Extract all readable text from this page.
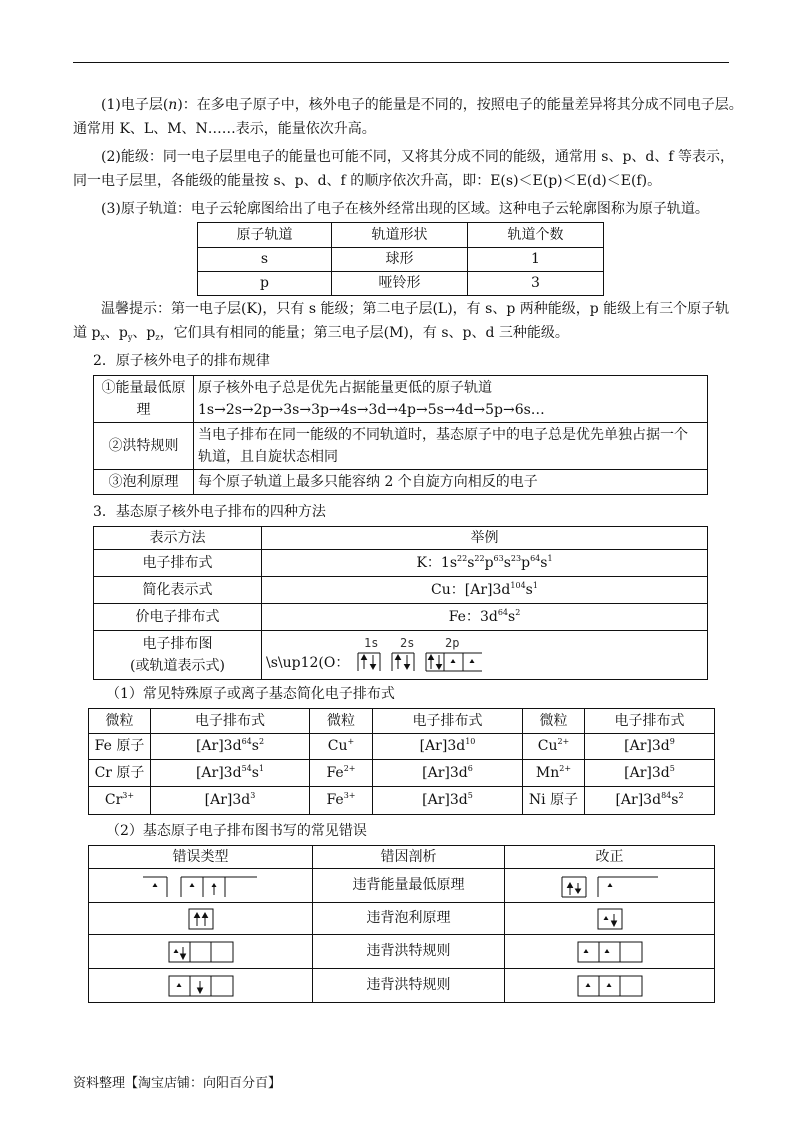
(1)电子层(n)：在多电子原子中，核外电子的能量是不同的，按照电子的能量差异将其分成不同电子层。
通常用 K、L、M、N……表示，能量依次升高。
(2)能级：同一电子层里电子的能量也可能不同，又将其分成不同的能级，通常用 s、p、d、f 等表示，
同一电子层里，各能级的能量按 s、p、d、f 的顺序依次升高，即：E(s)＜E(p)＜E(d)＜E(f)。
(3)原子轨道：电子云轮廓图给出了电子在核外经常出现的区域。这种电子云轮廓图称为原子轨道。
原子轨道	轨道形状	轨道个数
s	球形	1
p	哑铃形	3
温馨提示：第一电子层(K)，只有 s 能级；第二电子层(L)，有 s、p 两种能级，p 能级上有三个原子轨
道 $p_x$、$p_y$、$p_z$，它们具有相同的能量；第三电子层(M)，有 s、p、d 三种能级。
2．原子核外电子的排布规律
①能量最低原
理	原子核外电子总是优先占据能量更低的原子轨道
1s→2s→2p→3s→3p→4s→3d→4p→5s→4d→5p→6s…
②洪特规则	当电子排布在同一能级的不同轨道时，基态原子中的电子总是优先单独占据一个
轨道，且自旋状态相同
③泡利原理	每个原子轨道上最多只能容纳 2 个自旋方向相反的电子
3．基态原子核外电子排布的四种方法
表示方法	举例
电子排布式	K：$1s^{22}s^{22}p^{63}s^{23}p^{64}s^1$
简化表示式	Cu：$[Ar]3d^{104}s^1$
价电子排布式	Fe：$3d^{64}s^2$
电子排布图
(或轨道表示式)	1s 2s 2p
\s\up12(O：
（1）常见特殊原子或离子基态简化电子排布式
微粒	电子排布式	微粒	电子排布式	微粒	电子排布式
Fe 原子	$[Ar]3d^{64}s^2$	Cu+	$[Ar]3d^{10}$	$Cu^{2+}$	$[Ar]3d^9$
Cr 原子	$[Ar]3d^{54}s^1$	$Fe^{2+}$	$[Ar]3d^6$	$Mn^{2+}$	$[Ar]3d^5$
$Cr^{3+}$	$[Ar]3d^3$	$Fe^{3+}$	$[Ar]3d^5$	Ni 原子	$[Ar]3d^{84}s^2$
（2）基态原子电子排布图书写的常见错误
错误类型	错因剖析	改正

	违背能量最低原理	

	违背泡利原理	

	违背洪特规则	

	违背洪特规则	
资料整理【淘宝店铺：向阳百分百】
